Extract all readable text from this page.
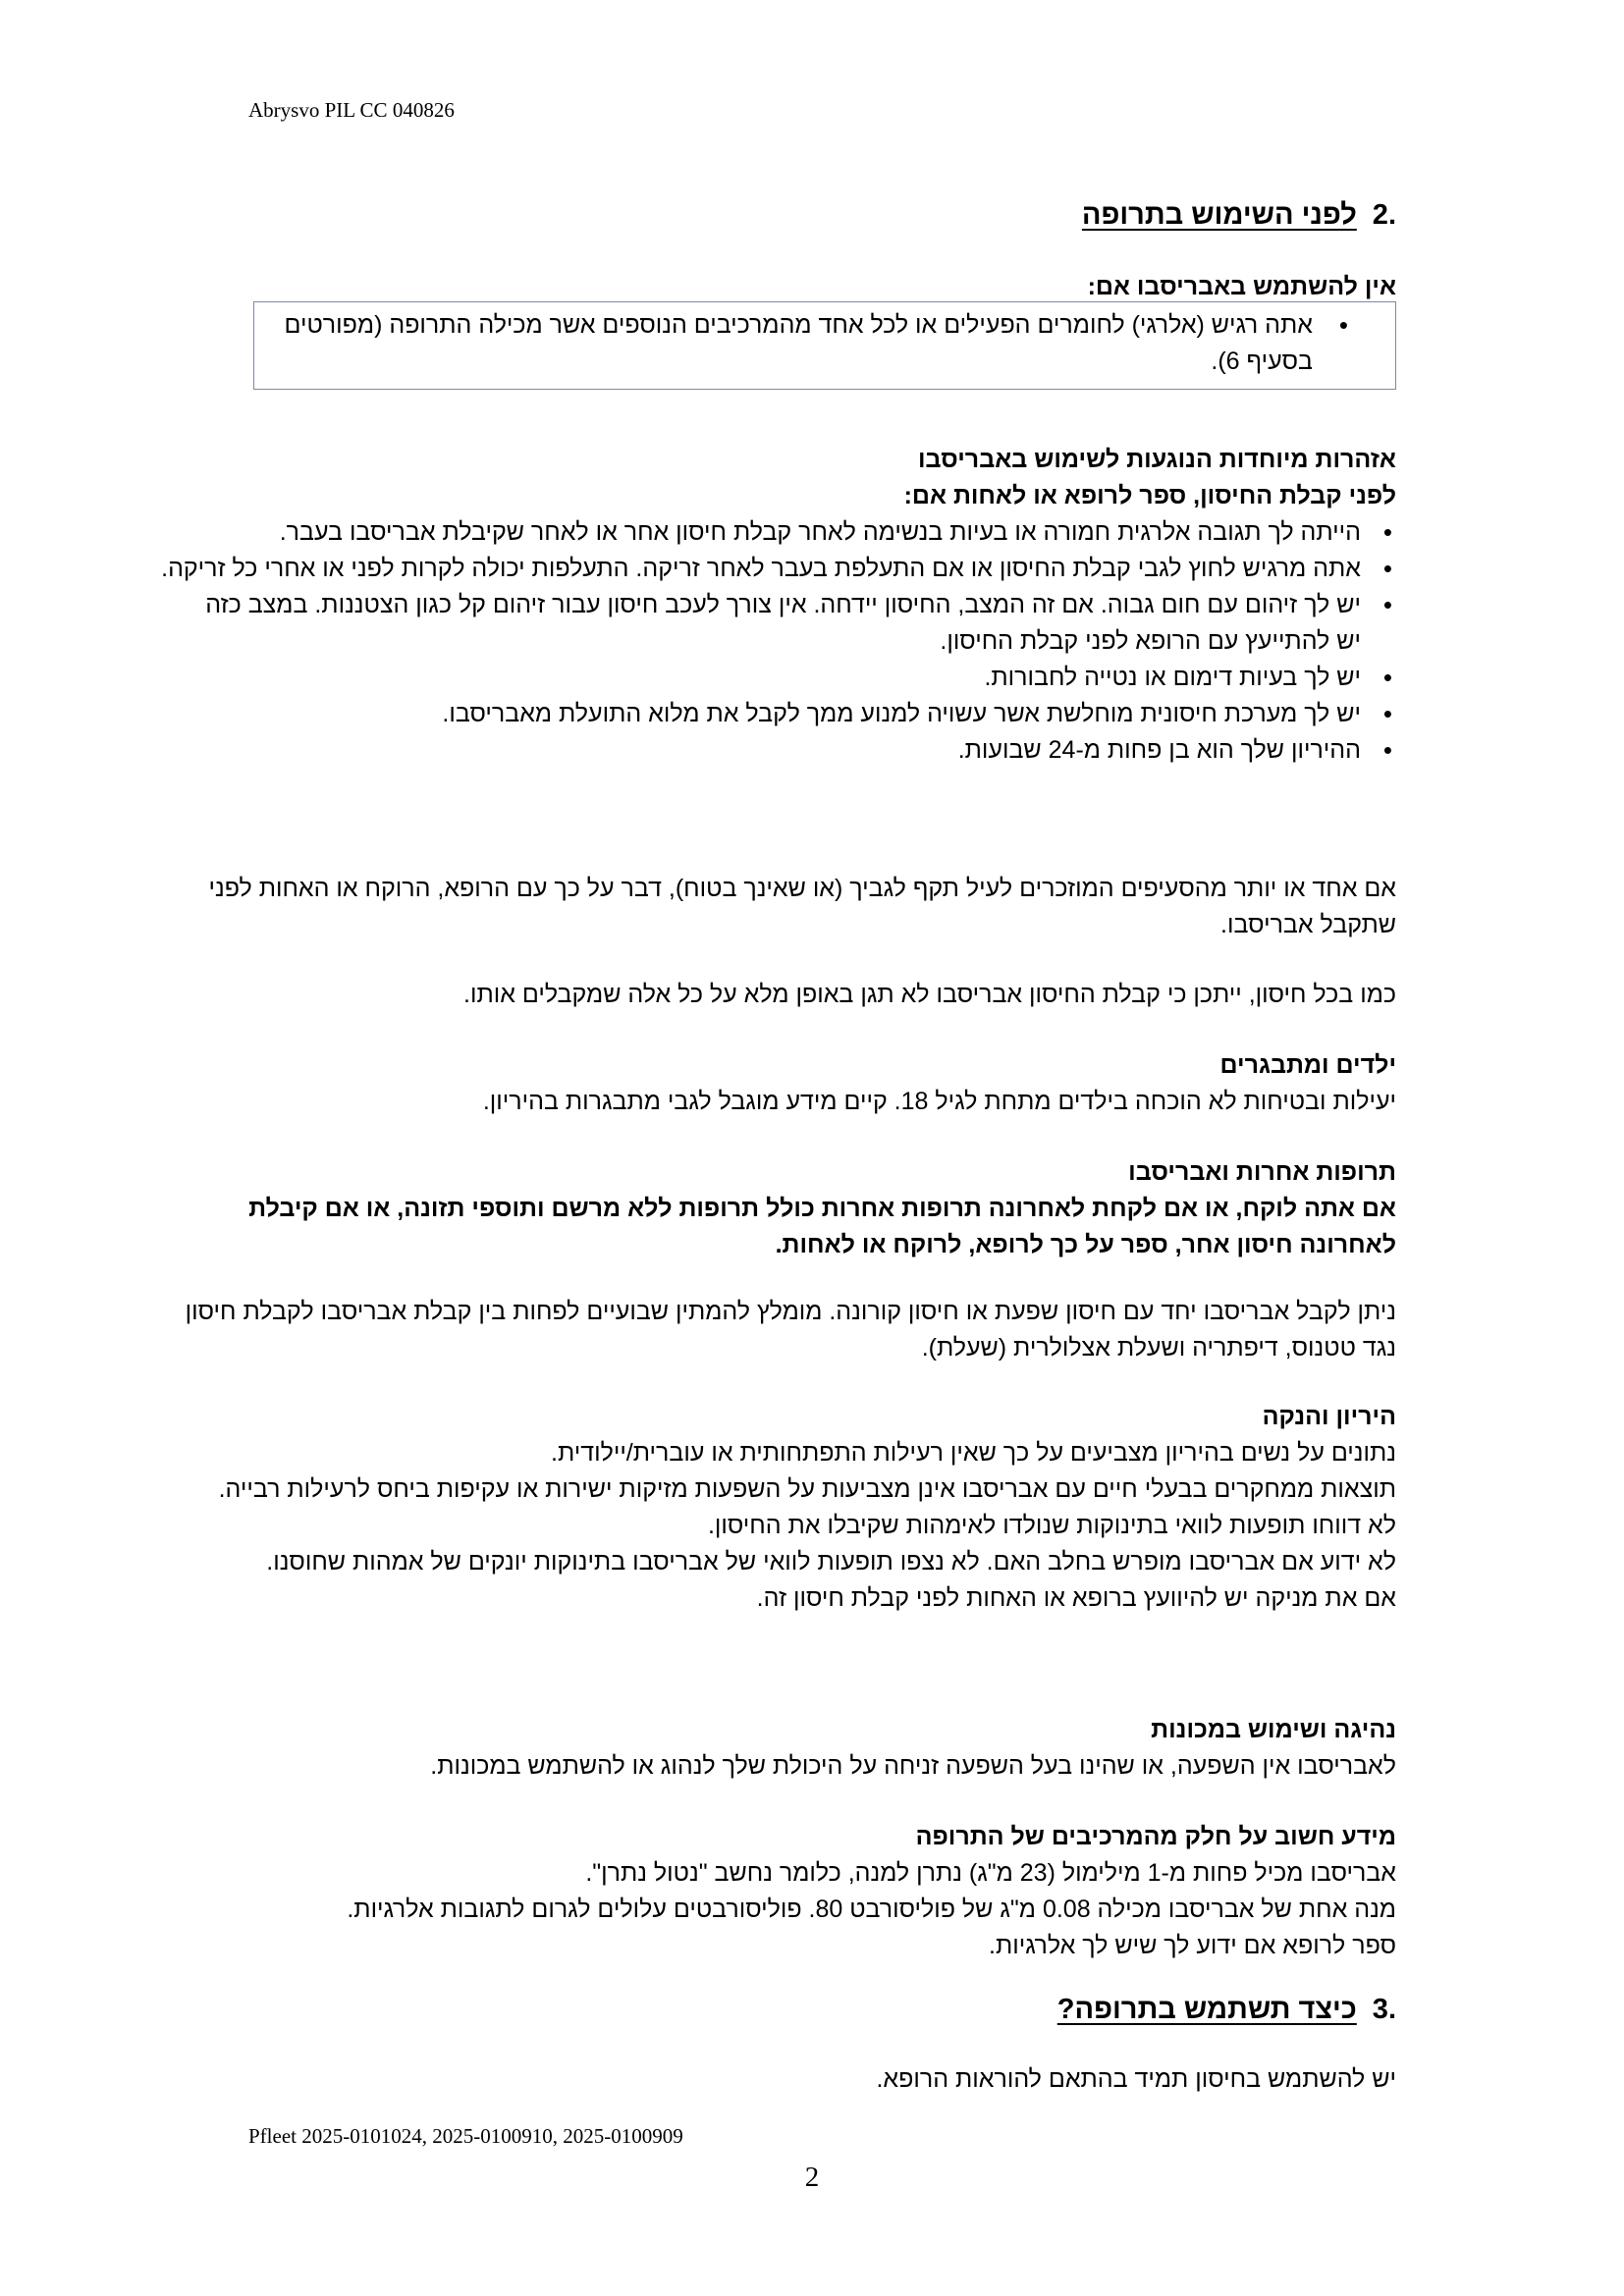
Abrysvo PIL CC 040826
.2לפני השימוש בתרופה
אין להשתמש באבריסבו אם:
• אתה רגיש (אלרגי) לחומרים הפעילים או לכל אחד מהמרכיבים הנוספים אשר מכילה התרופה (מפורטים בסעיף 6).
אזהרות מיוחדות הנוגעות לשימוש באבריסבו
לפני קבלת החיסון, ספר לרופא או לאחות אם:
• הייתה לך תגובה אלרגית חמורה או בעיות בנשימה לאחר קבלת חיסון אחר או לאחר שקיבלת אבריסבו בעבר.
• אתה מרגיש לחוץ לגבי קבלת החיסון או אם התעלפת בעבר לאחר זריקה. התעלפות יכולה לקרות לפני או אחרי כל זריקה.
• יש לך זיהום עם חום גבוה. אם זה המצב, החיסון יידחה. אין צורך לעכב חיסון עבור זיהום קל כגון הצטננות. במצב כזה יש להתייעץ עם הרופא לפני קבלת החיסון.
• יש לך בעיות דימום או נטייה לחבורות.
• יש לך מערכת חיסונית מוחלשת אשר עשויה למנוע ממך לקבל את מלוא התועלת מאבריסבו.
• ההיריון שלך הוא בן פחות מ-24 שבועות.

אם אחד או יותר מהסעיפים המוזכרים לעיל תקף לגביך (או שאינך בטוח), דבר על כך עם הרופא, הרוקח או האחות לפני שתקבל אבריסבו.

כמו בכל חיסון, ייתכן כי קבלת החיסון אבריסבו לא תגן באופן מלא על כל אלה שמקבלים אותו.

ילדים ומתבגרים

יעילות ובטיחות לא הוכחה בילדים מתחת לגיל 18. קיים מידע מוגבל לגבי מתבגרות בהיריון.

תרופות אחרות ואבריסבו

אם אתה לוקח, או אם לקחת לאחרונה תרופות אחרות כולל תרופות ללא מרשם ותוספי תזונה, או אם קיבלת לאחרונה חיסון אחר, ספר על כך לרופא, לרוקח או לאחות.

ניתן לקבל אבריסבו יחד עם חיסון שפעת או חיסון קורונה. מומלץ להמתין שבועיים לפחות בין קבלת אבריסבו לקבלת חיסון נגד טטנוס, דיפתריה ושעלת אצלולרית (שעלת).

היריון והנקה

נתונים על נשים בהיריון מצביעים על כך שאין רעילות התפתחותית או עוברית/יילודית.

תוצאות ממחקרים בבעלי חיים עם אבריסבו אינן מצביעות על השפעות מזיקות ישירות או עקיפות ביחס לרעילות רבייה.

לא דווחו תופעות לוואי בתינוקות שנולדו לאימהות שקיבלו את החיסון.

לא ידוע אם אבריסבו מופרש בחלב האם. לא נצפו תופעות לוואי של אבריסבו בתינוקות יונקים של אמהות שחוסנו.

אם את מניקה יש להיוועץ ברופא או האחות לפני קבלת חיסון זה.

נהיגה ושימוש במכונות

לאבריסבו אין השפעה, או שהינו בעל השפעה זניחה על היכולת שלך לנהוג או להשתמש במכונות.

מידע חשוב על חלק מהמרכיבים של התרופה

אבריסבו מכיל פחות מ-1 מילימול (23 מ"ג) נתרן למנה, כלומר נחשב "נטול נתרן".

מנה אחת של אבריסבו מכילה 0.08 מ"ג של פוליסורבט 80. פוליסורבטים עלולים לגרום לתגובות אלרגיות.

ספר לרופא אם ידוע לך שיש לך אלרגיות.

.3כיצד תשתמש בתרופה?

יש להשתמש בחיסון תמיד בהתאם להוראות הרופא.

Pfleet 2025-0101024, 2025-0100910, 2025-0100909
2
